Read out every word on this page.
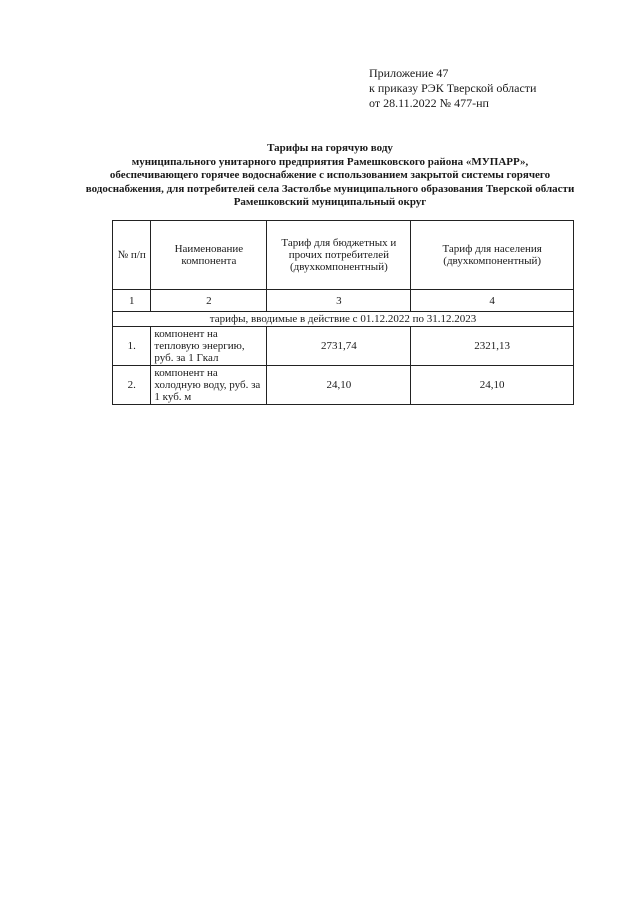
Приложение 47
к приказу РЭК Тверской области
от 28.11.2022 № 477-нп
Тарифы на горячую воду
муниципального унитарного предприятия Рамешковского района «МУПАРР»,
обеспечивающего горячее водоснабжение с использованием закрытой системы горячего
водоснабжения, для потребителей села Застолбье муниципального образования Тверской области
Рамешковский муниципальный округ
№ п/п	Наименование компонента	Тариф для бюджетных и прочих потребителей (двухкомпонентный)	Тариф для населения (двухкомпонентный)
1	2	3	4
тарифы, вводимые в действие с 01.12.2022 по 31.12.2023			
1.	компонент на тепловую энергию, руб. за 1 Гкал	2731,74	2321,13
2.	компонент на холодную воду, руб. за 1 куб. м	24,10	24,10
